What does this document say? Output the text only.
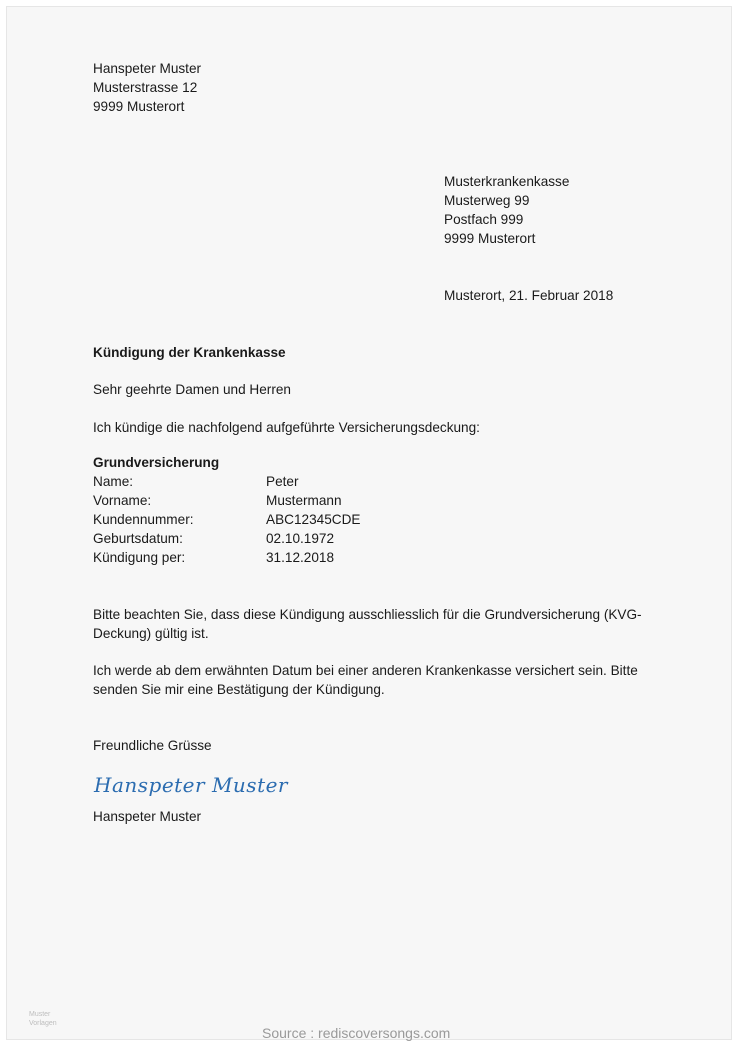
Hanspeter Muster
Musterstrasse 12
9999 Musterort
Musterkrankenkasse
Musterweg 99
Postfach 999
9999 Musterort
Musterort, 21. Februar 2018
Kündigung der Krankenkasse
Sehr geehrte Damen und Herren
Ich kündige die nachfolgend aufgeführte Versicherungsdeckung:
Grundversicherung
Name:	Peter
Vorname:	Mustermann
Kundennummer:	ABC12345CDE
Geburtsdatum:	02.10.1972
Kündigung per:	31.12.2018
Bitte beachten Sie, dass diese Kündigung ausschliesslich für die Grundversicherung (KVG-Deckung) gültig ist.
Ich werde ab dem erwähnten Datum bei einer anderen Krankenkasse versichert sein. Bitte senden Sie mir eine Bestätigung der Kündigung.
Freundliche Grüsse
Hanspeter Muster
Hanspeter Muster
Muster
Vorlagen
Source : rediscoversongs.com
